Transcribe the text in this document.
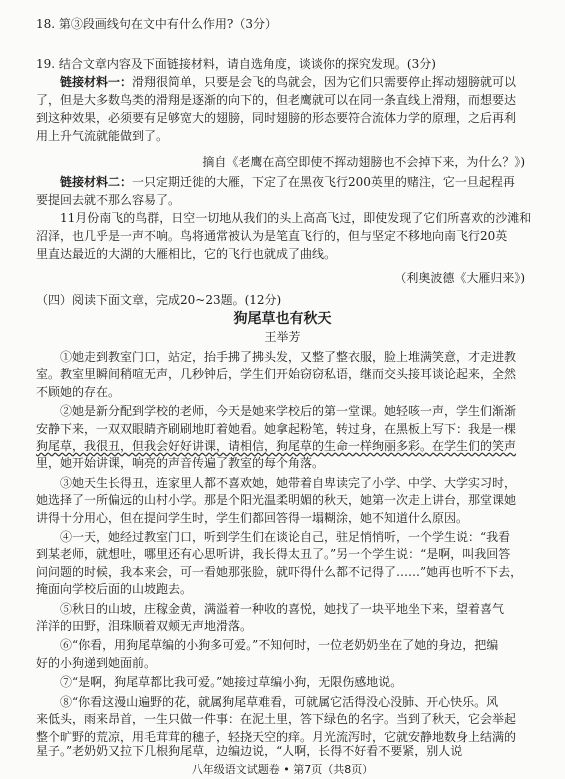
18. 第③段画线句在文中有什么作用?（3分）
19. 结合文章内容及下面链接材料，请自选角度，谈谈你的探究发现。(3分)
链接材料一：滑翔很简单，只要是会飞的鸟就会，因为它们只需要停止挥动翅膀就可以
了，但是大多数鸟类的滑翔是逐渐的向下的，但老鹰就可以在同一条直线上滑翔，而想要达
到这种效果，必须要有足够宽大的翅膀，同时翅膀的形态要符合流体力学的原理，之后再利
用上升气流就能做到了。
摘自《老鹰在高空即使不挥动翅膀也不会掉下来，为什么？》)
链接材料二：一只定期迁徙的大雁，下定了在黑夜飞行200英里的赌注，它一旦起程再
要提回去就不那么容易了。
11月份南飞的鸟群，日空一切地从我们的头上高高飞过，即使发现了它们所喜欢的沙滩和
沼泽，也几乎是一声不响。鸟将通常被认为是笔直飞行的，但与坚定不移地向南飞行20英
里直达最近的大湖的大雁相比，它的飞行也就成了曲线。
（利奥波德《大雁归来》)
（四）阅读下面文章，完成20~23题。(12分)
狗尾草也有秋天
王举芳
①她走到教室门口，站定，抬手拂了拂头发，又整了整衣服，脸上堆满笑意，才走进教
室。教室里瞬间稍喧无声，几秒钟后，学生们开始窃窃私语，继而交头接耳谈论起来，全然
不顾她的存在。
②她是新分配到学校的老师，今天是她来学校后的第一堂课。她轻咳一声，学生们渐渐
安静下来，一双双眼睛齐刷刷地盯着她看。她拿起粉笔，转过身，在黑板上写下：我是一棵
狗尾草，我很丑，但我会好好讲课，请相信，狗尾草的生命一样绚丽多彩。在学生们的笑声
里，她开始讲课，响亮的声音传遍了教室的每个角落。
③她天生长得丑，连家里人都不喜欢她，她带着自卑读完了小学、中学、大学实习时，
她选择了一所偏远的山村小学。那是个阳光温柔明媚的秋天，她第一次走上讲台，那堂课她
讲得十分用心，但在提问学生时，学生们都回答得一塌糊涂，她不知道什么原因。
④一天，她经过教室门口，听到学生们在谈论自己，驻足悄悄听，一个学生说：“我看
到某老师，就想吐，哪里还有心思听讲，我长得太丑了。”另一个学生说：“是啊，叫我回答
问问题的时候，我本来会，可一看她那张脸，就吓得什么都不记得了……”她再也听不下去，
掩面向学校后面的山坡跑去。
⑤秋日的山坡，庄稼金黄，满溢着一种收的喜悦，她找了一块平地坐下来，望着喜气
洋洋的田野，泪珠顺着双颊无声地滑落。
⑥“你看，用狗尾草编的小狗多可爱。”不知何时，一位老奶奶坐在了她的身边，把编
好的小狗递到她面前。
⑦“是啊，狗尾草都比我可爱。”她接过草编小狗，无限伤感地说。
⑧“你看这漫山遍野的花，就属狗尾草难看，可就属它活得没心没肺、开心快乐。风
来低头，雨来昂首，一生只做一件事：在泥土里，答下绿色的名字。当到了秋天，它会举起
整个旷野的荒凉，用毛茸茸的穗子，轻挠天空的痒。月光流泻时，它就安静地数身上结满的
星子。”老奶奶又拉下几根狗尾草，边编边说，“人啊，长得不好看不要紧，别人说
八年级语文试题卷 • 第7页（共8页）
